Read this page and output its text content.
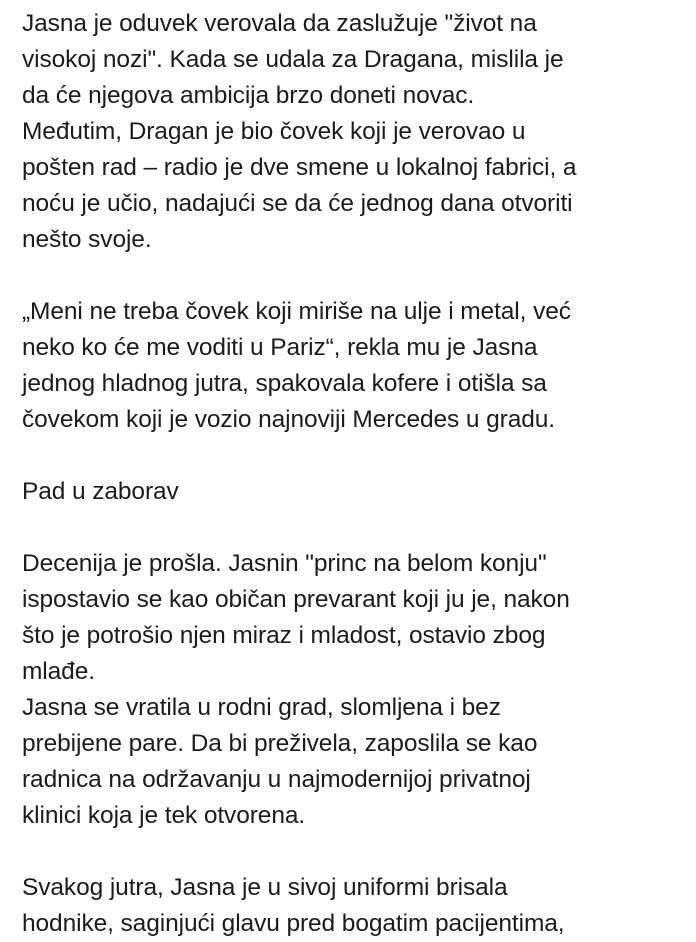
Jasna je oduvek verovala da zaslužuje "život na
visokoj nozi". Kada se udala za Dragana, mislila je
da će njegova ambicija brzo doneti novac.
Međutim, Dragan je bio čovek koji je verovao u
pošten rad – radio je dve smene u lokalnoj fabrici, a
noću je učio, nadajući se da će jednog dana otvoriti
nešto svoje.
„Meni ne treba čovek koji miriše na ulje i metal, već
neko ko će me voditi u Pariz“, rekla mu je Jasna
jednog hladnog jutra, spakovala kofere i otišla sa
čovekom koji je vozio najnoviji Mercedes u gradu.
Pad u zaborav
Decenija je prošla. Jasnin "princ na belom konju"
ispostavio se kao običan prevarant koji ju je, nakon
što je potrošio njen miraz i mladost, ostavio zbog
mlađe.
Jasna se vratila u rodni grad, slomljena i bez
prebijene pare. Da bi preživela, zaposlila se kao
radnica na održavanju u najmodernijoj privatnoj
klinici koja je tek otvorena.
Svakog jutra, Jasna je u sivoj uniformi brisala
hodnike, saginjući glavu pred bogatim pacijentima,
